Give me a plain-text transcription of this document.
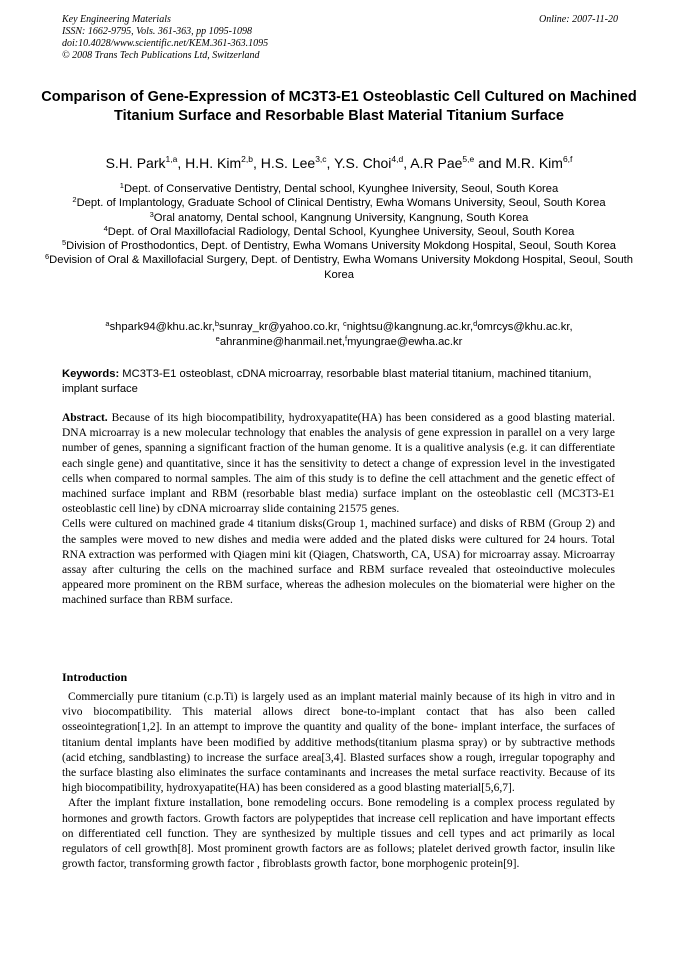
Key Engineering Materials
ISSN: 1662-9795, Vols. 361-363, pp 1095-1098
doi:10.4028/www.scientific.net/KEM.361-363.1095
© 2008 Trans Tech Publications Ltd, Switzerland
Online: 2007-11-20
Comparison of Gene-Expression of MC3T3-E1 Osteoblastic Cell Cultured on Machined Titanium Surface and Resorbable Blast Material Titanium Surface
S.H. Park$^{1,a}$, H.H. Kim$^{2,b}$, H.S. Lee$^{3,c}$, Y.S. Choi$^{4,d}$, A.R Pae$^{5,e}$ and M.R. Kim$^{6,f}$
$^1$Dept. of Conservative Dentistry, Dental school, Kyunghee Iniversity, Seoul, South Korea
$^2$Dept. of Implantology, Graduate School of Clinical Dentistry, Ewha Womans University, Seoul, South Korea
$^3$Oral anatomy, Dental school, Kangnung University, Kangnung, South Korea
$^4$Dept. of Oral Maxillofacial Radiology, Dental School, Kyunghee University, Seoul, South Korea
$^5$Division of Prosthodontics, Dept. of Dentistry, Ewha Womans University Mokdong Hospital, Seoul, South Korea
$^6$Devision of Oral & Maxillofacial Surgery, Dept. of Dentistry, Ewha Womans University Mokdong Hospital, Seoul, South Korea
$^a$shpark94@khu.ac.kr,$^b$sunray_kr@yahoo.co.kr, $^c$nightsu@kangnung.ac.kr,$^d$omrcys@khu.ac.kr,
$^e$ahranmine@hanmail.net,$^f$myungrae@ewha.ac.kr
Keywords: MC3T3-E1 osteoblast, cDNA microarray, resorbable blast material titanium, machined titanium, implant surface

Abstract. Because of its high biocompatibility, hydroxyapatite(HA) has been considered as a good blasting material. DNA microarray is a new molecular technology that enables the analysis of gene expression in parallel on a very large number of genes, spanning a significant fraction of the human genome. It is a qualitive analysis (e.g. it can differentiate each single gene) and quantitative, since it has the sensitivity to detect a change of expression level in the investigated cells when compared to normal samples. The aim of this study is to define the cell attachment and the genetic effect of machined surface implant and RBM (resorbable blast media) surface implant on the osteoblastic cell (MC3T3-E1 osteoblastic cell line) by cDNA microarray slide containing 21575 genes.

Cells were cultured on machined grade 4 titanium disks(Group 1, machined surface) and disks of RBM (Group 2) and the samples were moved to new dishes and media were added and the plated disks were cultured for 24 hours. Total RNA extraction was performed with Qiagen mini kit (Qiagen, Chatsworth, CA, USA) for microarray assay. Microarray assay after culturing the cells on the machined surface and RBM surface revealed that osteoinductive molecules appeared more prominent on the RBM surface, whereas the adhesion molecules on the biomaterial were higher on the machined surface than RBM surface.

Introduction

Commercially pure titanium (c.p.Ti) is largely used as an implant material mainly because of its high in vitro and in vivo biocompatibility. This material allows direct bone-to-implant contact that has also been called osseointegration[1,2]. In an attempt to improve the quantity and quality of the bone- implant interface, the surfaces of titanium dental implants have been modified by additive methods(titanium plasma spray) or by subtractive methods (acid etching, sandblasting) to increase the surface area[3,4]. Blasted surfaces show a rough, irregular topography and the surface blasting also eliminates the surface contaminants and increases the metal surface reactivity. Because of its high biocompatibility, hydroxyapatite(HA) has been considered as a good blasting material[5,6,7].

After the implant fixture installation, bone remodeling occurs. Bone remodeling is a complex process regulated by hormones and growth factors. Growth factors are polypeptides that increase cell replication and have important effects on differentiated cell function. They are synthesized by multiple tissues and cell types and act primarily as local regulators of cell growth[8]. Most prominent growth factors are as follows; platelet derived growth factor, insulin like growth factor, transforming growth factor , fibroblasts growth factor, bone morphogenic protein[9].
